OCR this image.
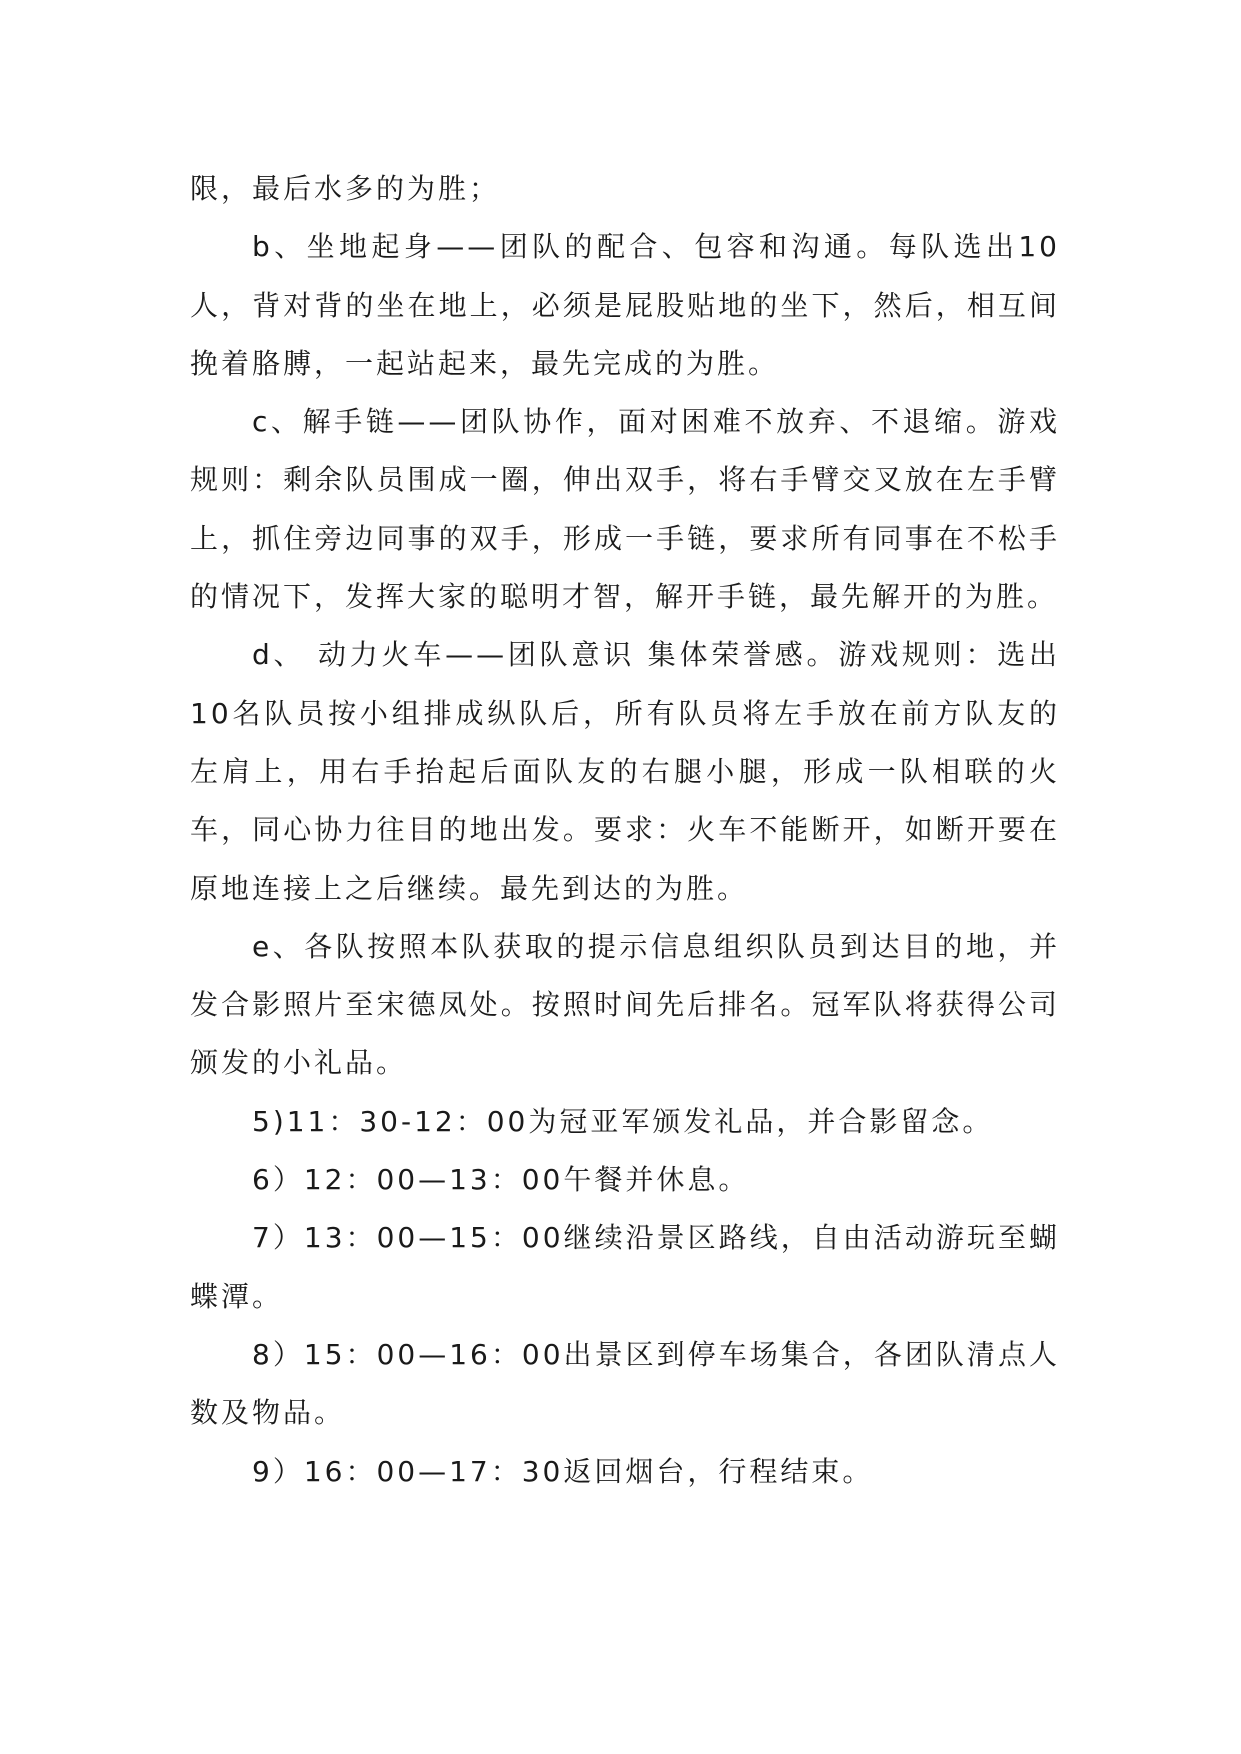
限，最后水多的为胜；

b、坐地起身——团队的配合、包容和沟通。每队选出10人，背对背的坐在地上，必须是屁股贴地的坐下，然后，相互间挽着胳膊，一起站起来，最先完成的为胜。

c、解手链——团队协作，面对困难不放弃、不退缩。游戏规则：剩余队员围成一圈，伸出双手，将右手臂交叉放在左手臂上，抓住旁边同事的双手，形成一手链，要求所有同事在不松手的情况下，发挥大家的聪明才智，解开手链，最先解开的为胜。

d、 动力火车——团队意识 集体荣誉感。游戏规则：选出10名队员按小组排成纵队后，所有队员将左手放在前方队友的左肩上，用右手抬起后面队友的右腿小腿，形成一队相联的火车，同心协力往目的地出发。要求：火车不能断开，如断开要在原地连接上之后继续。最先到达的为胜。

e、各队按照本队获取的提示信息组织队员到达目的地，并发合影照片至宋德凤处。按照时间先后排名。冠军队将获得公司颁发的小礼品。

5)11：30-12：00为冠亚军颁发礼品，并合影留念。

6）12：00—13：00午餐并休息。

7）13：00—15：00继续沿景区路线，自由活动游玩至蝴蝶潭。

8）15：00—16：00出景区到停车场集合，各团队清点人数及物品。

9）16：00—17：30返回烟台，行程结束。
